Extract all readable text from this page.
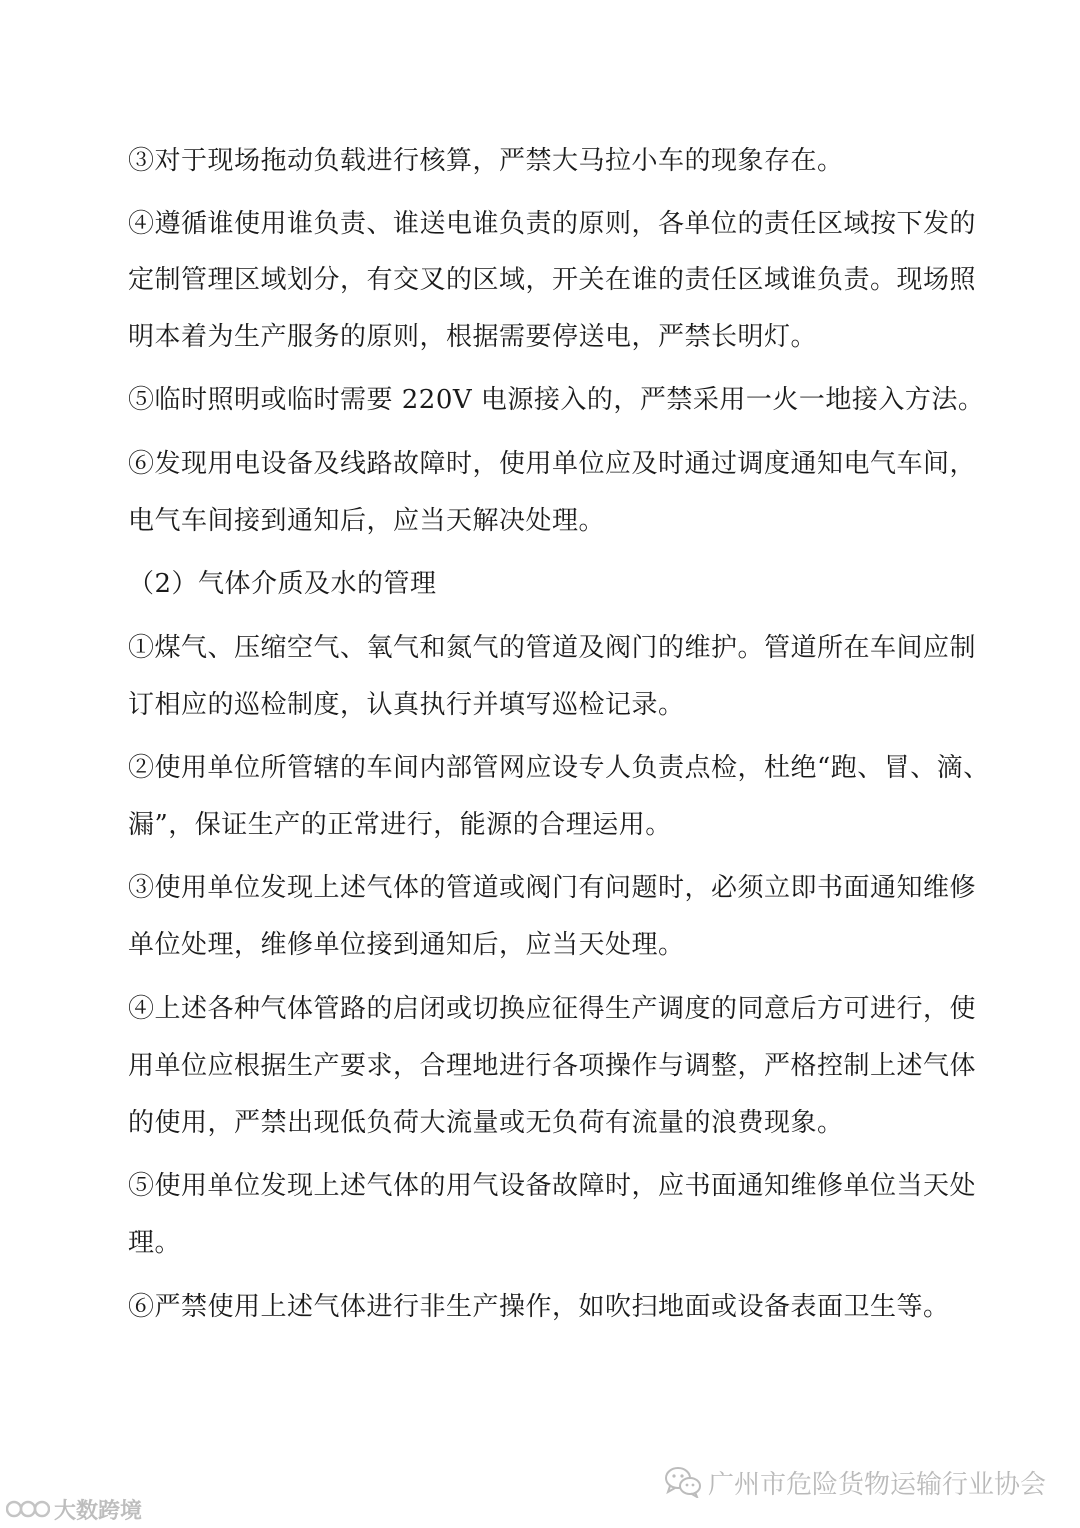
③对于现场拖动负载进行核算，严禁大马拉小车的现象存在。
④遵循谁使用谁负责、谁送电谁负责的原则，各单位的责任区域按下发的
定制管理区域划分，有交叉的区域，开关在谁的责任区域谁负责。现场照
明本着为生产服务的原则，根据需要停送电，严禁长明灯。
⑤临时照明或临时需要 220V 电源接入的，严禁采用一火一地接入方法。
⑥发现用电设备及线路故障时，使用单位应及时通过调度通知电气车间，
电气车间接到通知后，应当天解决处理。
（2）气体介质及水的管理
①煤气、压缩空气、氧气和氮气的管道及阀门的维护。管道所在车间应制
订相应的巡检制度，认真执行并填写巡检记录。
②使用单位所管辖的车间内部管网应设专人负责点检，杜绝“跑、冒、滴、
漏”，保证生产的正常进行，能源的合理运用。
③使用单位发现上述气体的管道或阀门有问题时，必须立即书面通知维修
单位处理，维修单位接到通知后，应当天处理。
④上述各种气体管路的启闭或切换应征得生产调度的同意后方可进行，使
用单位应根据生产要求，合理地进行各项操作与调整，严格控制上述气体
的使用，严禁出现低负荷大流量或无负荷有流量的浪费现象。
⑤使用单位发现上述气体的用气设备故障时，应书面通知维修单位当天处
理。
⑥严禁使用上述气体进行非生产操作，如吹扫地面或设备表面卫生等。
广州市危险货物运输行业协会
大数跨境
